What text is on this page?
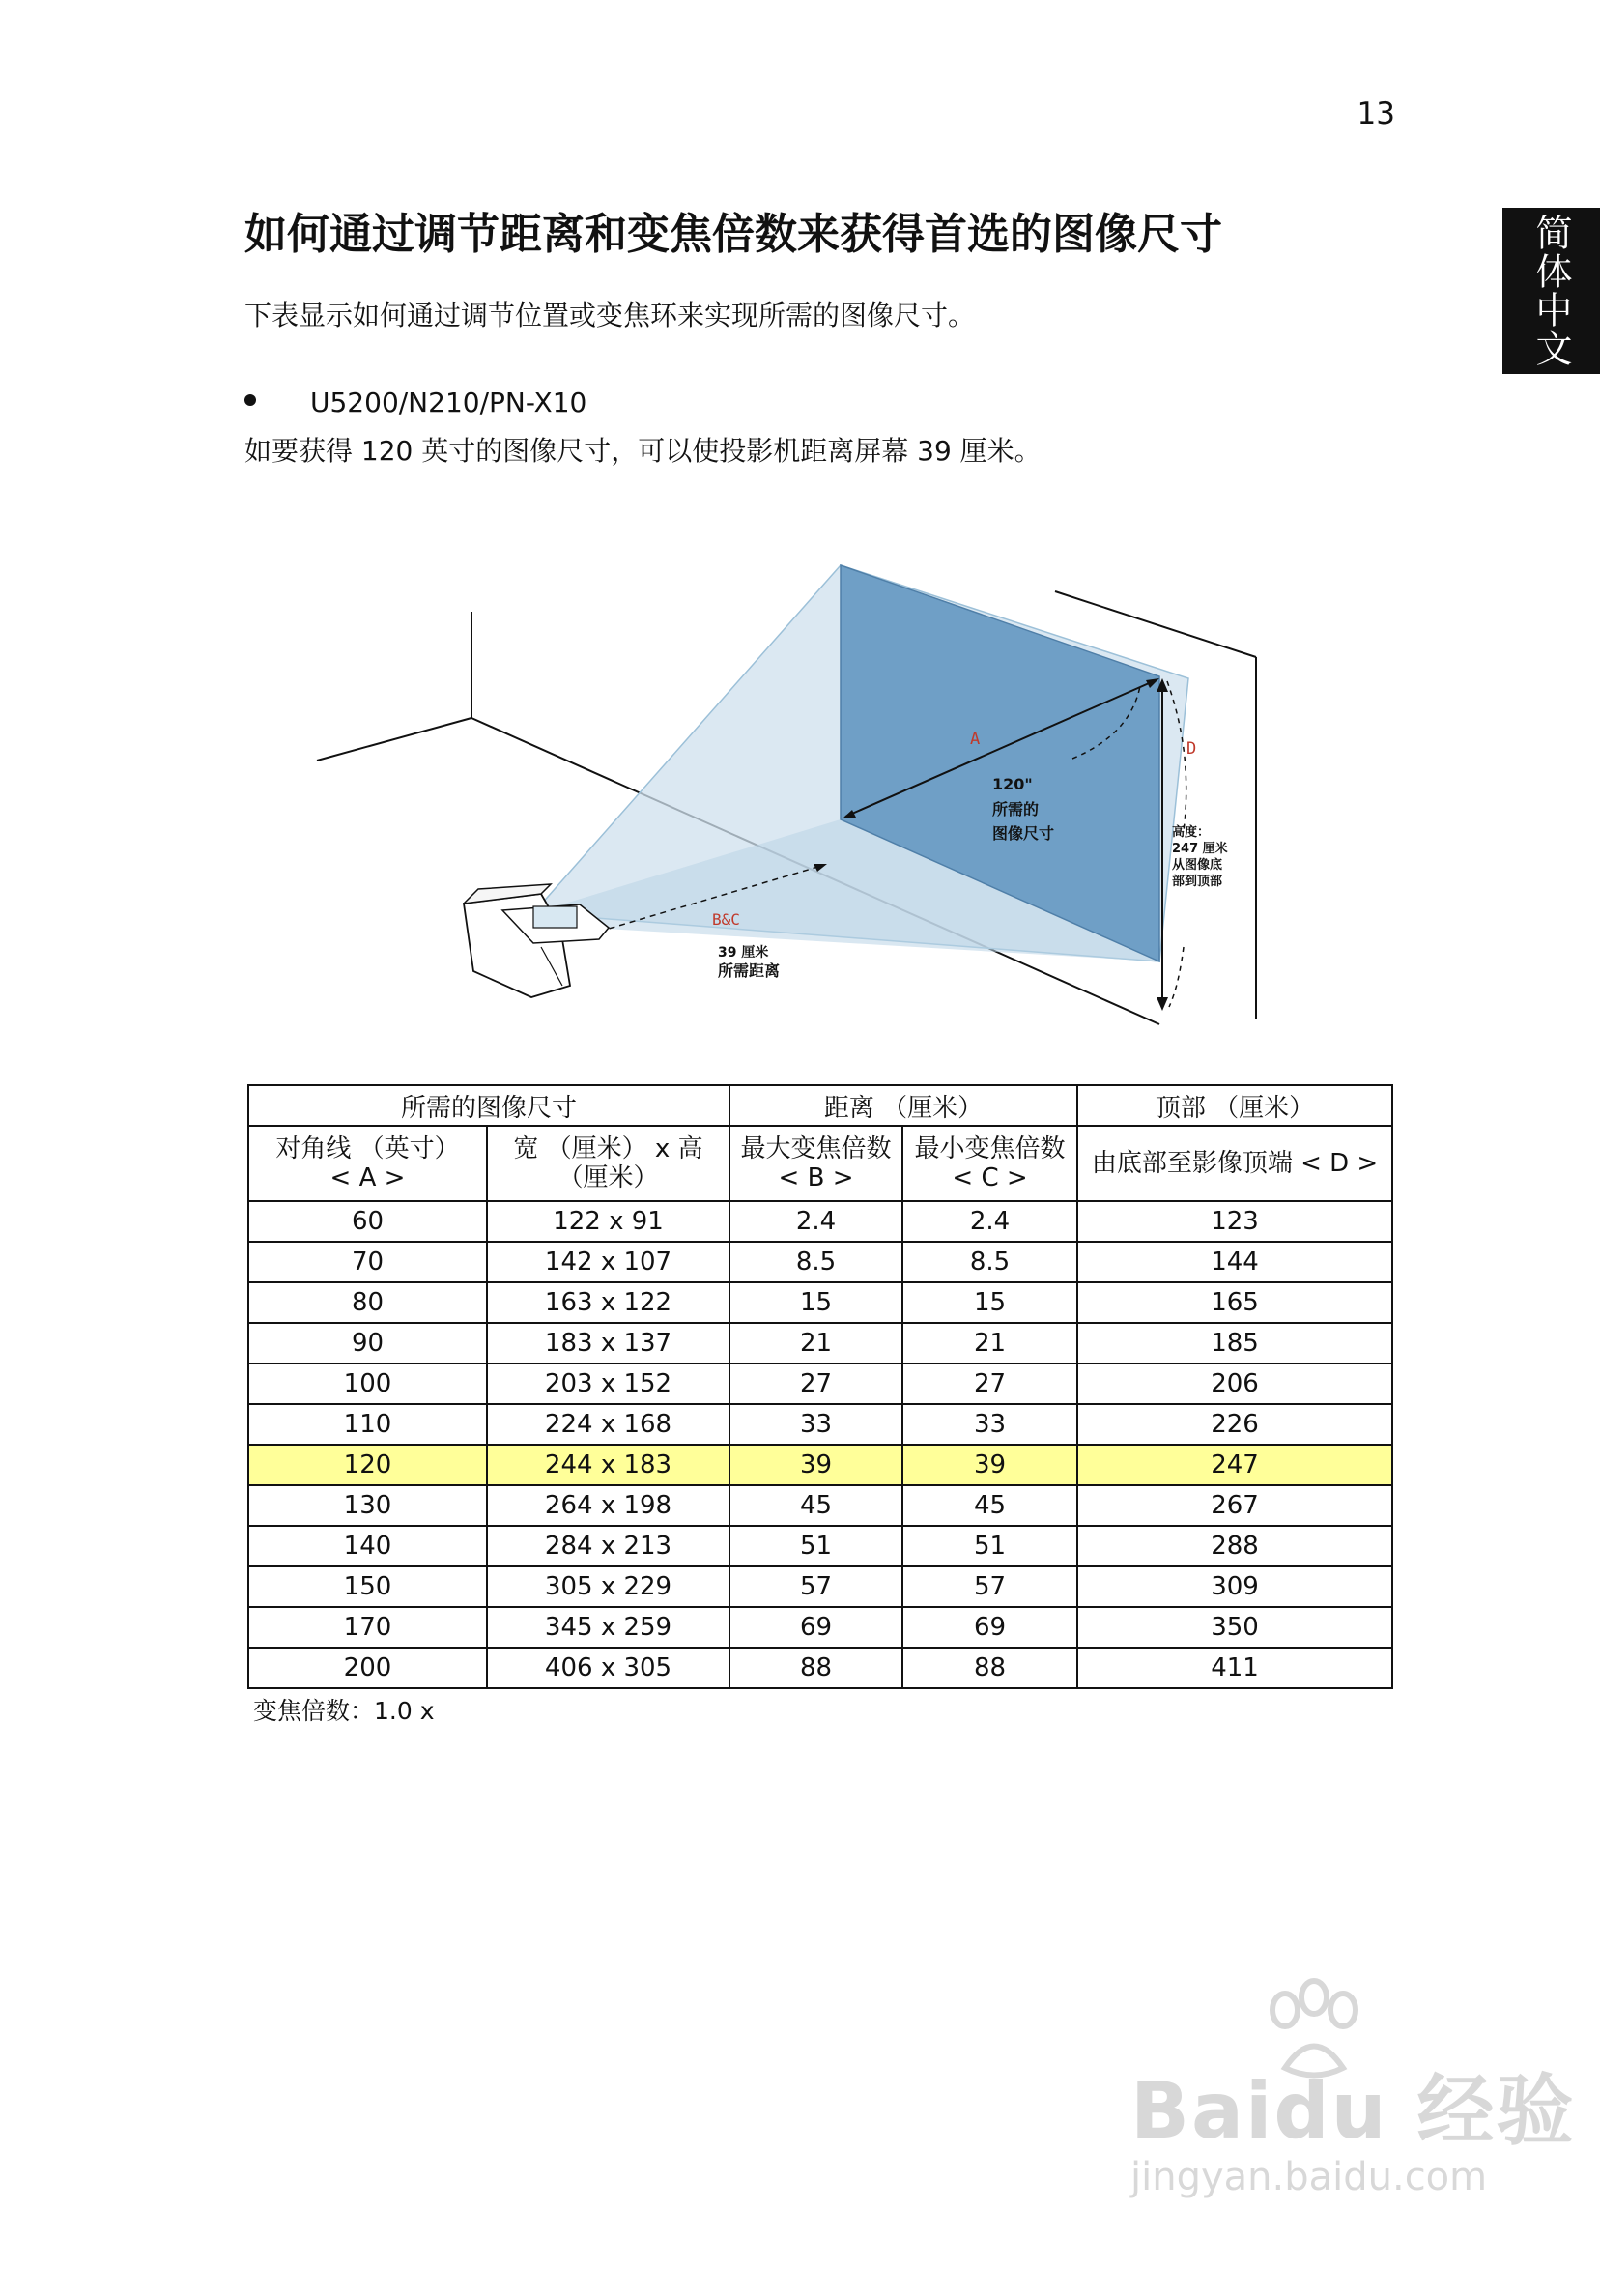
13
简体中文
如何通过调节距离和变焦倍数来获得首选的图像尺寸

下表显示如何通过调节位置或变焦环来实现所需的图像尺寸。

U5200/N210/PN-X10

如要获得 120 英寸的图像尺寸，可以使投影机距离屏幕 39 厘米。

A	D
B&C
120"
所需的
图像尺寸	高度：
247 厘米
从图像底
部到顶部
39 厘米
所需距离
所需的图像尺寸		距离 （厘米）		顶部 （厘米）
对角线 （英寸）
< A >	宽 （厘米） x 高
（厘米）	最大变焦倍数
< B >	最小变焦倍数
< C >	由底部至影像顶端 < D >
60	122 x 91	2.4	2.4	123
70	142 x 107	8.5	8.5	144
80	163 x 122	15	15	165
90	183 x 137	21	21	185
100	203 x 152	27	27	206
110	224 x 168	33	33	226
120	244 x 183	39	39	247
130	264 x 198	45	45	267
140	284 x 213	51	51	288
150	305 x 229	57	57	309
170	345 x 259	69	69	350
200	406 x 305	88	88	411
变焦倍数：1.0 x
Baidu 经验
jingyan.baidu.com
